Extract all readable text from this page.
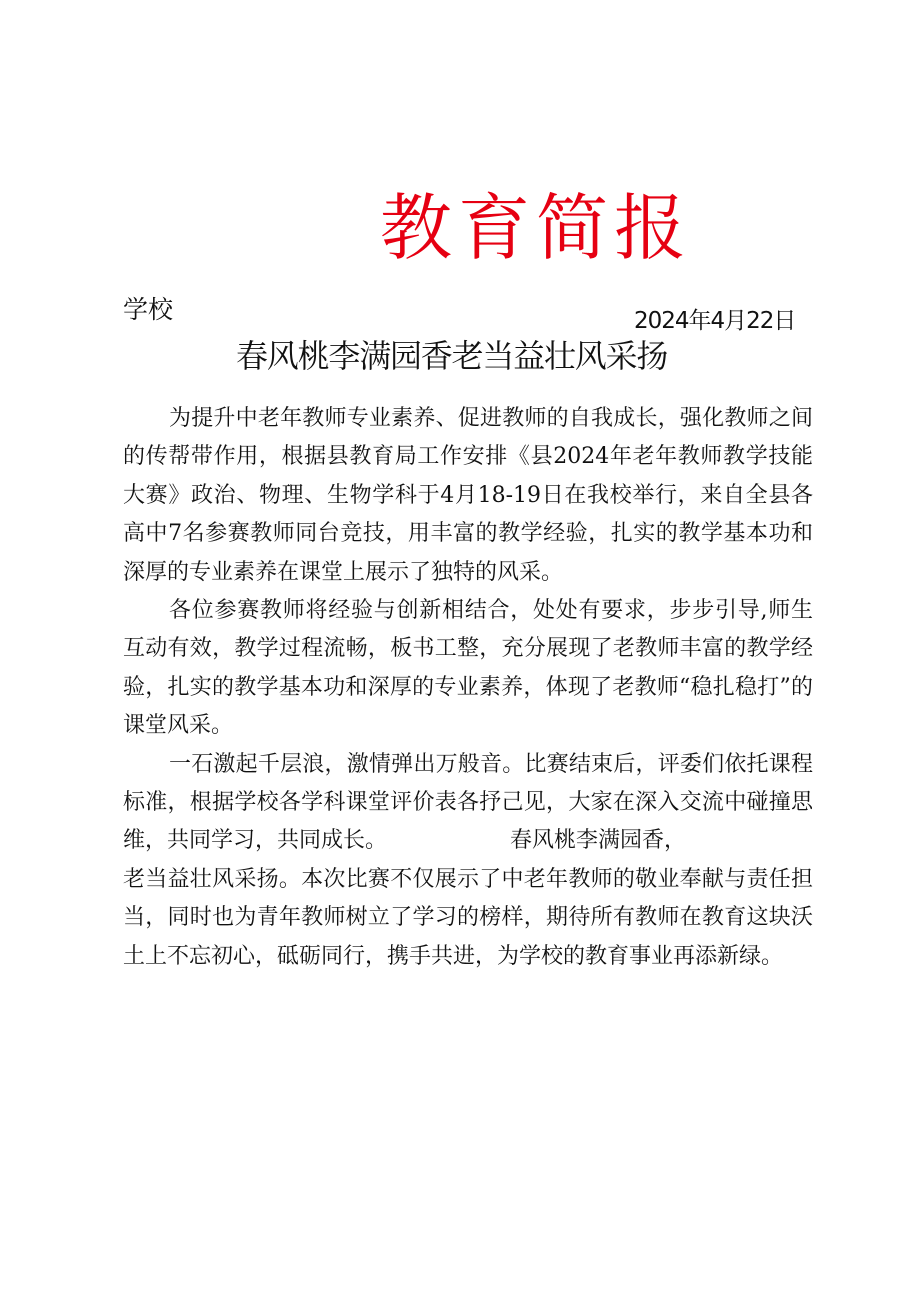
教育简报
学校	2024年4月22日
春风桃李满园香老当益壮风采扬

为提升中老年教师专业素养、促进教师的自我成长，强化教师之间的传帮带作用，根据县教育局工作安排《县2024年老年教师教学技能大赛》政治、物理、生物学科于4月18-19日在我校举行，来自全县各高中7名参赛教师同台竞技，用丰富的教学经验，扎实的教学基本功和深厚的专业素养在课堂上展示了独特的风采。

各位参赛教师将经验与创新相结合，处处有要求，步步引导,师生互动有效，教学过程流畅，板书工整，充分展现了老教师丰富的教学经验，扎实的教学基本功和深厚的专业素养，体现了老教师“稳扎稳打”的课堂风采。

一石激起千层浪，激情弹出万般音。比赛结束后，评委们依托课程标准，根据学校各学科课堂评价表各抒己见，大家在深入交流中碰撞思维，共同学习，共同成长。	春风桃李满园香，
老当益壮风采扬。本次比赛不仅展示了中老年教师的敬业奉献与责任担当，同时也为青年教师树立了学习的榜样，期待所有教师在教育这块沃土上不忘初心，砥砺同行，携手共进，为学校的教育事业再添新绿。
